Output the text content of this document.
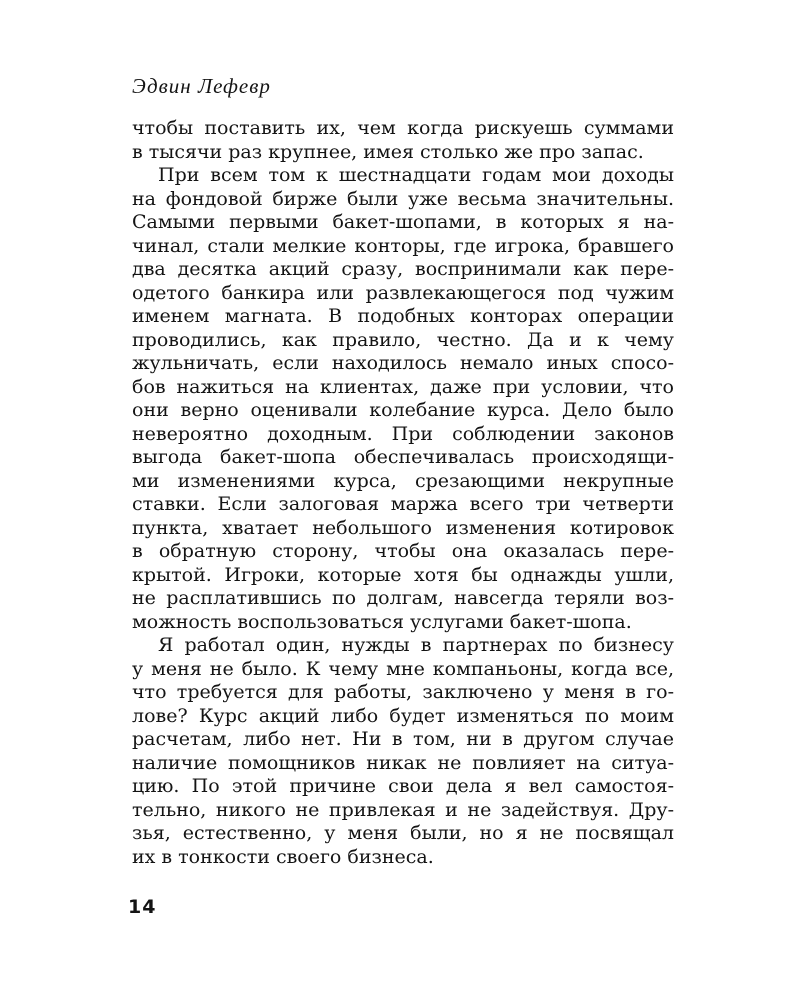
Эдвин Лефевр
чтобы поставить их, чем когда рискуешь суммами
в тысячи раз крупнее, имея столько же про запас.
При всем том к шестнадцати годам мои доходы
на фондовой бирже были уже весьма значительны.
Самыми первыми бакет-шопами, в которых я на-
чинал, стали мелкие конторы, где игрока, бравшего
два десятка акций сразу, воспринимали как пере-
одетого банкира или развлекающегося под чужим
именем магната. В подобных конторах операции
проводились, как правило, честно. Да и к чему
жульничать, если находилось немало иных спосо-
бов нажиться на клиентах, даже при условии, что
они верно оценивали колебание курса. Дело было
невероятно доходным. При соблюдении законов
выгода бакет-шопа обеспечивалась происходящи-
ми изменениями курса, срезающими некрупные
ставки. Если залоговая маржа всего три четверти
пункта, хватает небольшого изменения котировок
в обратную сторону, чтобы она оказалась пере-
крытой. Игроки, которые хотя бы однажды ушли,
не расплатившись по долгам, навсегда теряли воз-
можность воспользоваться услугами бакет-шопа.
Я работал один, нужды в партнерах по бизнесу
у меня не было. К чему мне компаньоны, когда все,
что требуется для работы, заключено у меня в го-
лове? Курс акций либо будет изменяться по моим
расчетам, либо нет. Ни в том, ни в другом случае
наличие помощников никак не повлияет на ситуа-
цию. По этой причине свои дела я вел самостоя-
тельно, никого не привлекая и не задействуя. Дру-
зья, естественно, у меня были, но я не посвящал
их в тонкости своего бизнеса.
14
